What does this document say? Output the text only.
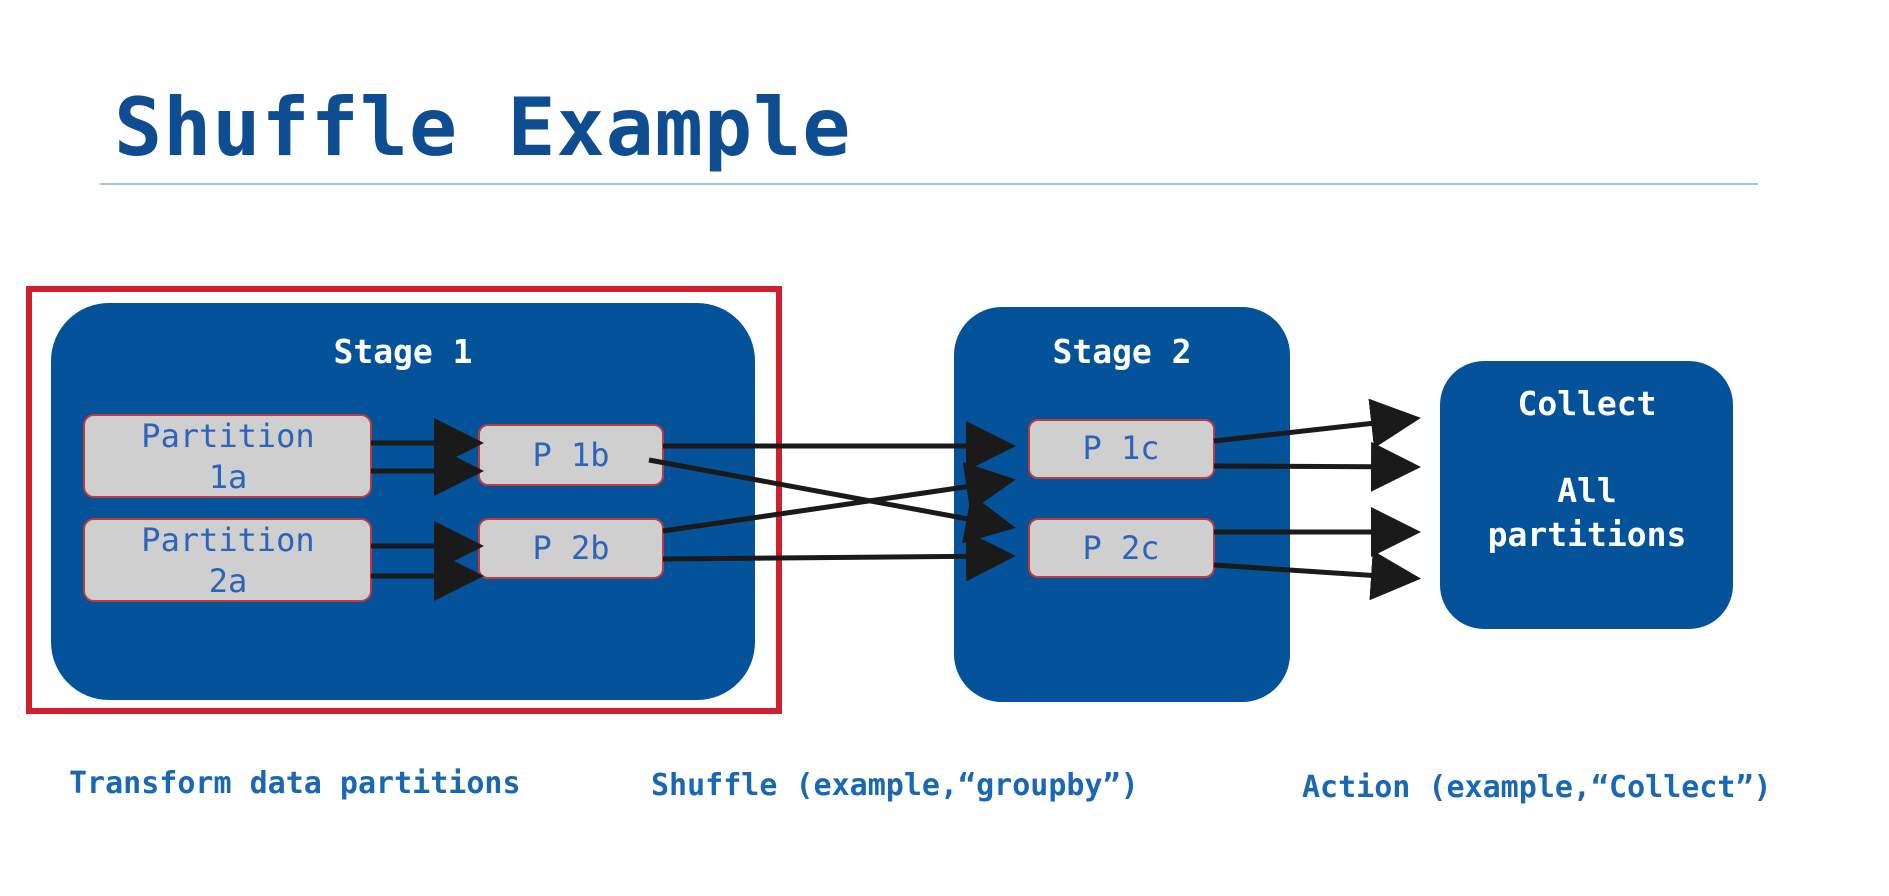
Shuffle Example
Stage 1	Stage 2
Collect
All
partitions
Partition
1a
Partition
2a
P 1b
P 2b
P 1c
P 2c
Transform data partitions	Shuffle (example,“groupby”)	Action (example,“Collect”)
